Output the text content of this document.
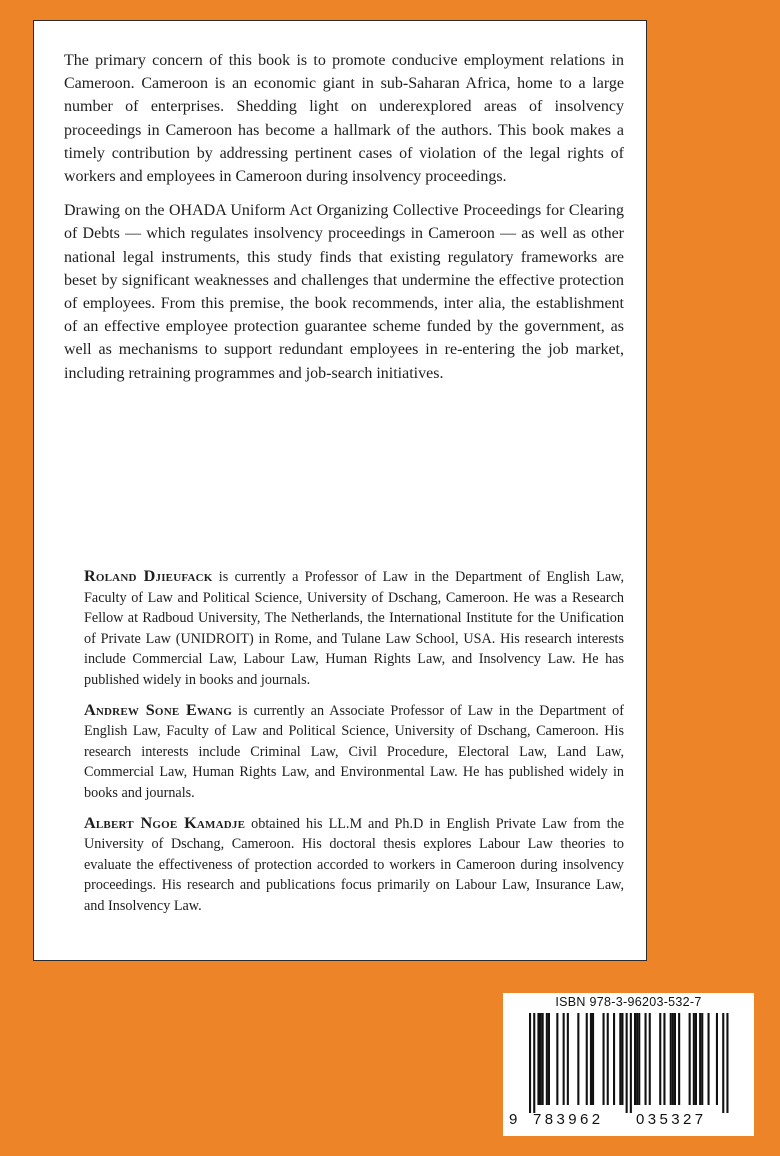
The primary concern of this book is to promote conducive employment relations in Cameroon. Cameroon is an economic giant in sub-Saharan Africa, home to a large number of enterprises. Shedding light on underexplored areas of insolvency proceedings in Cameroon has become a hallmark of the authors. This book makes a timely contribution by addressing pertinent cases of violation of the legal rights of workers and employees in Cameroon during insolvency proceedings.

Drawing on the OHADA Uniform Act Organizing Collective Proceedings for Clearing of Debts — which regulates insolvency proceedings in Cameroon — as well as other national legal instruments, this study finds that existing regulatory frameworks are beset by significant weaknesses and challenges that undermine the effective protection of employees. From this premise, the book recommends, inter alia, the establishment of an effective employee protection guarantee scheme funded by the government, as well as mechanisms to support redundant employees in re-entering the job market, including retraining programmes and job-search initiatives.

Roland Djieufack is currently a Professor of Law in the Department of English Law, Faculty of Law and Political Science, University of Dschang, Cameroon. He was a Research Fellow at Radboud University, The Netherlands, the International Institute for the Unification of Private Law (UNIDROIT) in Rome, and Tulane Law School, USA. His research interests include Commercial Law, Labour Law, Human Rights Law, and Insolvency Law. He has published widely in books and journals.

Andrew Sone Ewang is currently an Associate Professor of Law in the Department of English Law, Faculty of Law and Political Science, University of Dschang, Cameroon. His research interests include Criminal Law, Civil Procedure, Electoral Law, Land Law, Commercial Law, Human Rights Law, and Environmental Law. He has published widely in books and journals.

Albert Ngoe Kamadje obtained his LL.M and Ph.D in English Private Law from the University of Dschang, Cameroon. His doctoral thesis explores Labour Law theories to evaluate the effectiveness of protection accorded to workers in Cameroon during insolvency proceedings. His research and publications focus primarily on Labour Law, Insurance Law, and Insolvency Law.

ISBN 978-3-96203-532-7
9 783962 035327
